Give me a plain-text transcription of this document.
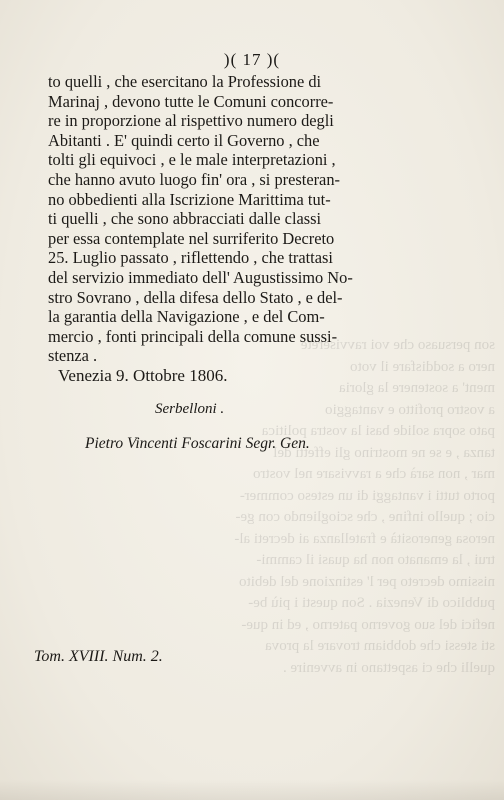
son persuaso che voi ravviserete
nero a soddisfare il voto
ment' a sostenere la gloria
a vostro profitto e vantaggio
pato sopra solide basi la vostra politica
tanza , e se ne mostrino gli effetti del
mar , non sarà che a ravvisare nel vostro
porto tutti i vantaggi di un esteso commer-
cio ; quello infine , che sciogliendo con ge-
nerosa generosità e fratellanza ai decreti al-
trui , la emanato non ha quasi il cammi-
nissimo decreto per l' estinzione del debito
pubblico di Venezia . Son questi i più be-
nefici del suo governo paterno , ed in que-
sti stessi che dobbiam trovare la prova
quelli che ci aspettano in avvenire .
)( 17 )(
to quelli , che esercitano la Professione di
Marinaj , devono tutte le Comuni concorre-
re in proporzione al rispettivo numero degli
Abitanti . E' quindi certo il Governo , che
tolti gli equivoci , e le male interpretazioni ,
che hanno avuto luogo fin' ora , si presteran-
no obbedienti alla Iscrizione Marittima tut-
ti quelli , che sono abbracciati dalle classi
per essa contemplate nel surriferito Decreto
25. Luglio passato , riflettendo , che trattasi
del servizio immediato dell' Augustissimo No-
stro Sovrano , della difesa dello Stato , e del-
la garantia della Navigazione , e del Com-
mercio , fonti principali della comune sussi-
stenza .
Venezia 9. Ottobre 1806.
Serbelloni .
Pietro Vincenti Foscarini Segr. Gen.
Tom. XVIII. Num. 2.
